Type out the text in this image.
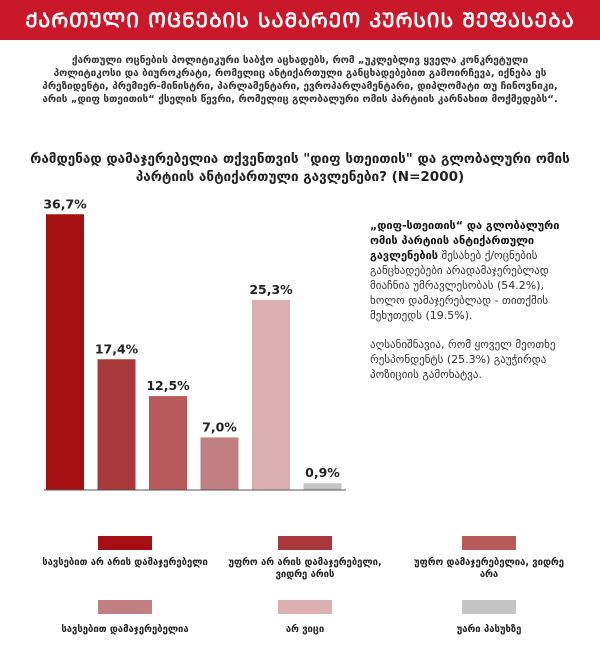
ᲥᲐᲠᲗᲣᲚᲘ ᲝᲪᲜᲔᲑᲘᲡ ᲡᲐᲛᲐᲠᲔᲝ ᲙᲣᲠᲡᲘᲡ ᲨᲔᲤᲐᲡᲔᲑᲐ
ქართული ოცნების პოლიტიკური საბჭო აცხადებს, რომ „უკლებლივ ყველა კონკრეტული პოლიტიკოსი და ბიუროკრატი, რომელიც ანტიქართული განცხადებებით გამოირჩევა, იქნება ეს პრეზიდენტი, პრემიერ-მინისტრი, პარლამენტარი, ევროპარლამენტარი, დიპლომატი თუ ჩინოვნიკი, არის „დიფ სთეითის“ ქსელის წევრი, რომელიც გლობალური ომის პარტიის კარნახით მოქმედებს“.
რამდენად დამაჯერებელია თქვენთვის "დიფ სთეითის" და გლობალური ომის პარტიის ანტიქართული გავლენები? (N=2000)
36,7%
17,4%
12,5%
7,0%
25,3%
0,9%

„დიფ-სთეითის“ და გლობალური ომის პარტიის ანტიქართული გავლენების შესახებ ქ/ოცნების განცხადებები არადამაჯერებლად მიაჩნია უმრავლესობას (54.2%), ხოლო დამაჯერებლად - თითქმის მეხუთედს (19.5%).

აღსანიშნავია, რომ ყოველ მეოთხე რესპონდენტს (25.3%) გაუჭირდა პოზიციის გამოხატვა.

სავსებით არ არის დამაჯერებელი	უფრო არ არის დამაჯერებელი, ვიდრე არის
უფრო დამაჯერებელია, ვიდრე არა
სავსებით დამაჯერებელია	არ ვიცი	უარი პასუხზე
